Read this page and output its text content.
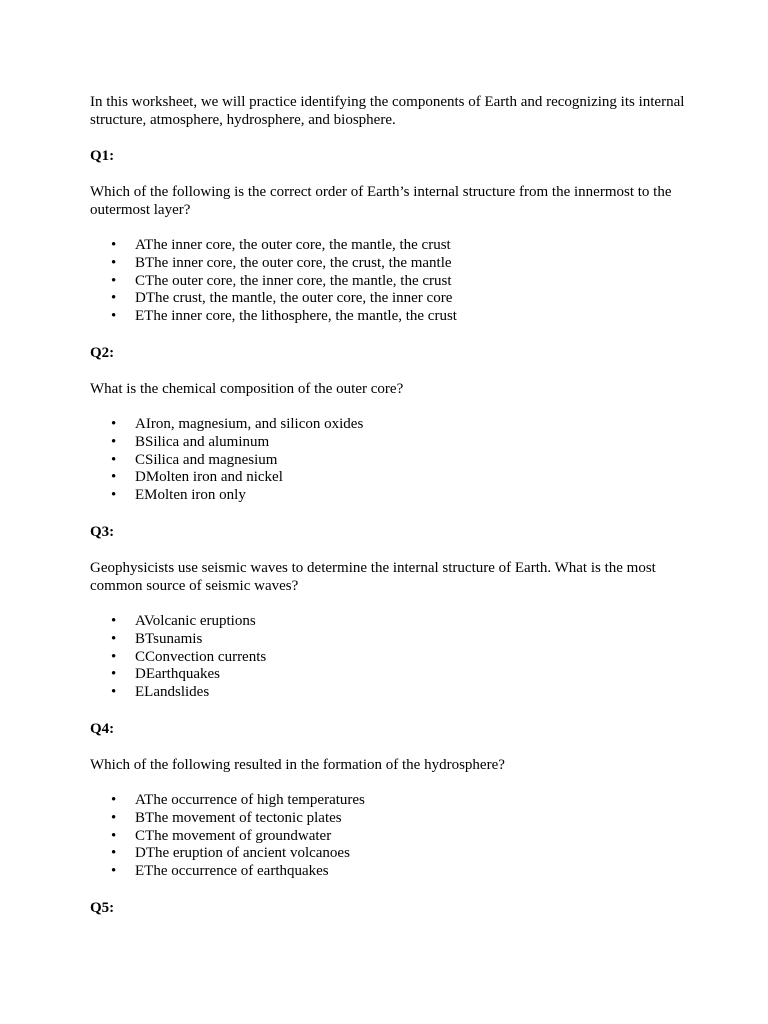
In this worksheet, we will practice identifying the components of Earth and recognizing its internal structure, atmosphere, hydrosphere, and biosphere.

Q1:

Which of the following is the correct order of Earth’s internal structure from the innermost to the outermost layer?

• AThe inner core, the outer core, the mantle, the crust
• BThe inner core, the outer core, the crust, the mantle
• CThe outer core, the inner core, the mantle, the crust
• DThe crust, the mantle, the outer core, the inner core
• EThe inner core, the lithosphere, the mantle, the crust

Q2:

What is the chemical composition of the outer core?

• AIron, magnesium, and silicon oxides
• BSilica and aluminum
• CSilica and magnesium
• DMolten iron and nickel
• EMolten iron only

Q3:

Geophysicists use seismic waves to determine the internal structure of Earth. What is the most common source of seismic waves?

• AVolcanic eruptions
• BTsunamis
• CConvection currents
• DEarthquakes
• ELandslides

Q4:

Which of the following resulted in the formation of the hydrosphere?

• AThe occurrence of high temperatures
• BThe movement of tectonic plates
• CThe movement of groundwater
• DThe eruption of ancient volcanoes
• EThe occurrence of earthquakes

Q5:
